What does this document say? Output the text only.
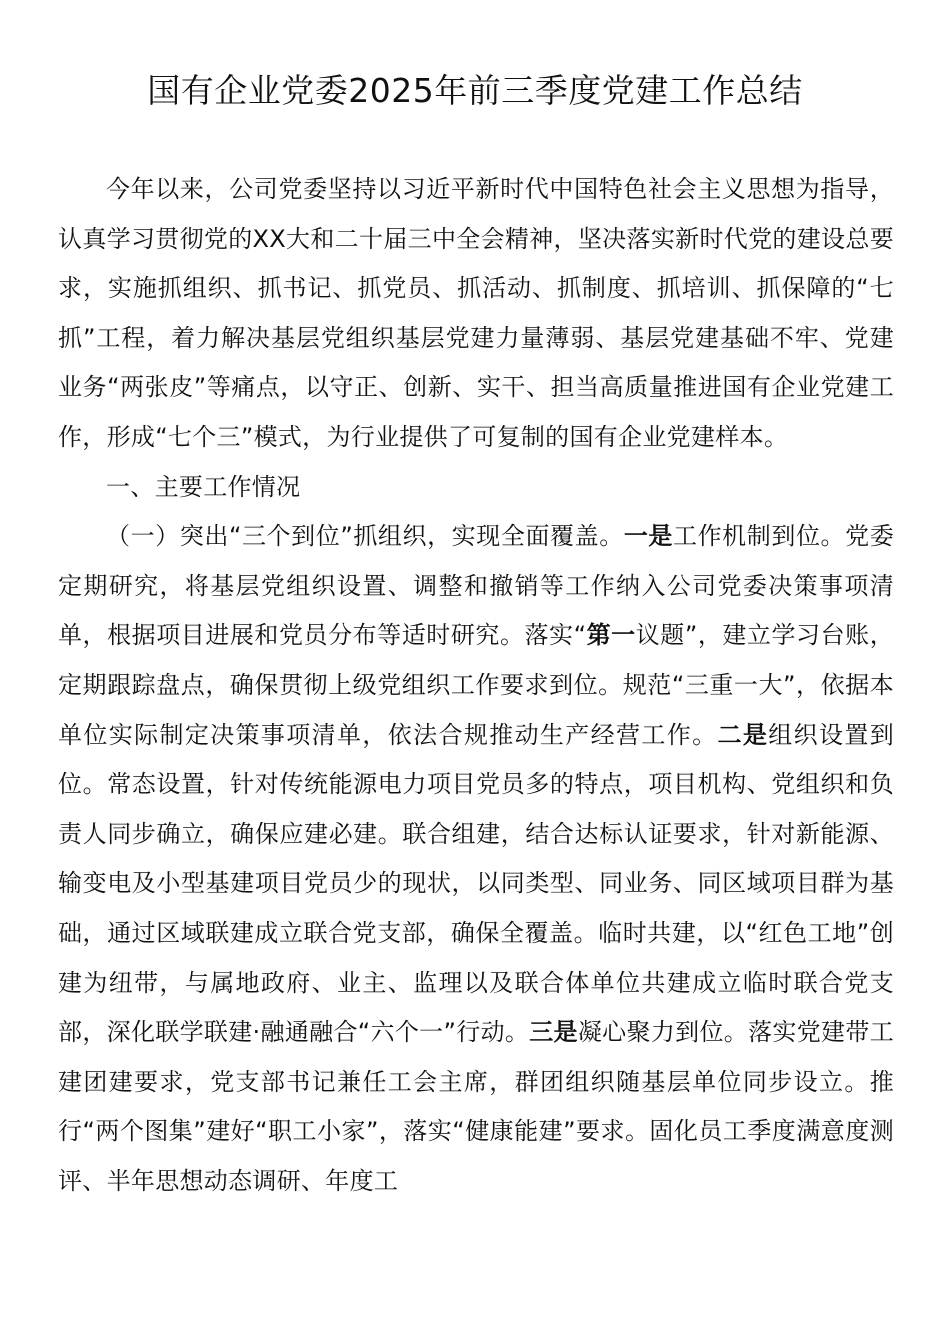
国有企业党委2025年前三季度党建工作总结

今年以来，公司党委坚持以习近平新时代中国特色社会主义思想为指导，认真学习贯彻党的XX大和二十届三中全会精神，坚决落实新时代党的建设总要求，实施抓组织、抓书记、抓党员、抓活动、抓制度、抓培训、抓保障的“七抓”工程，着力解决基层党组织基层党建力量薄弱、基层党建基础不牢、党建业务“两张皮”等痛点，以守正、创新、实干、担当高质量推进国有企业党建工作，形成“七个三”模式，为行业提供了可复制的国有企业党建样本。

一、主要工作情况

（一）突出“三个到位”抓组织，实现全面覆盖。一是工作机制到位。党委定期研究，将基层党组织设置、调整和撤销等工作纳入公司党委决策事项清单，根据项目进展和党员分布等适时研究。落实“第一议题”，建立学习台账，定期跟踪盘点，确保贯彻上级党组织工作要求到位。规范“三重一大”，依据本单位实际制定决策事项清单，依法合规推动生产经营工作。二是组织设置到位。常态设置，针对传统能源电力项目党员多的特点，项目机构、党组织和负责人同步确立，确保应建必建。联合组建，结合达标认证要求，针对新能源、输变电及小型基建项目党员少的现状，以同类型、同业务、同区域项目群为基础，通过区域联建成立联合党支部，确保全覆盖。临时共建，以“红色工地”创建为纽带，与属地政府、业主、监理以及联合体单位共建成立临时联合党支部，深化联学联建·融通融合“六个一”行动。三是凝心聚力到位。落实党建带工建团建要求，党支部书记兼任工会主席，群团组织随基层单位同步设立。推行“两个图集”建好“职工小家”，落实“健康能建”要求。固化员工季度满意度测评、半年思想动态调研、年度工
